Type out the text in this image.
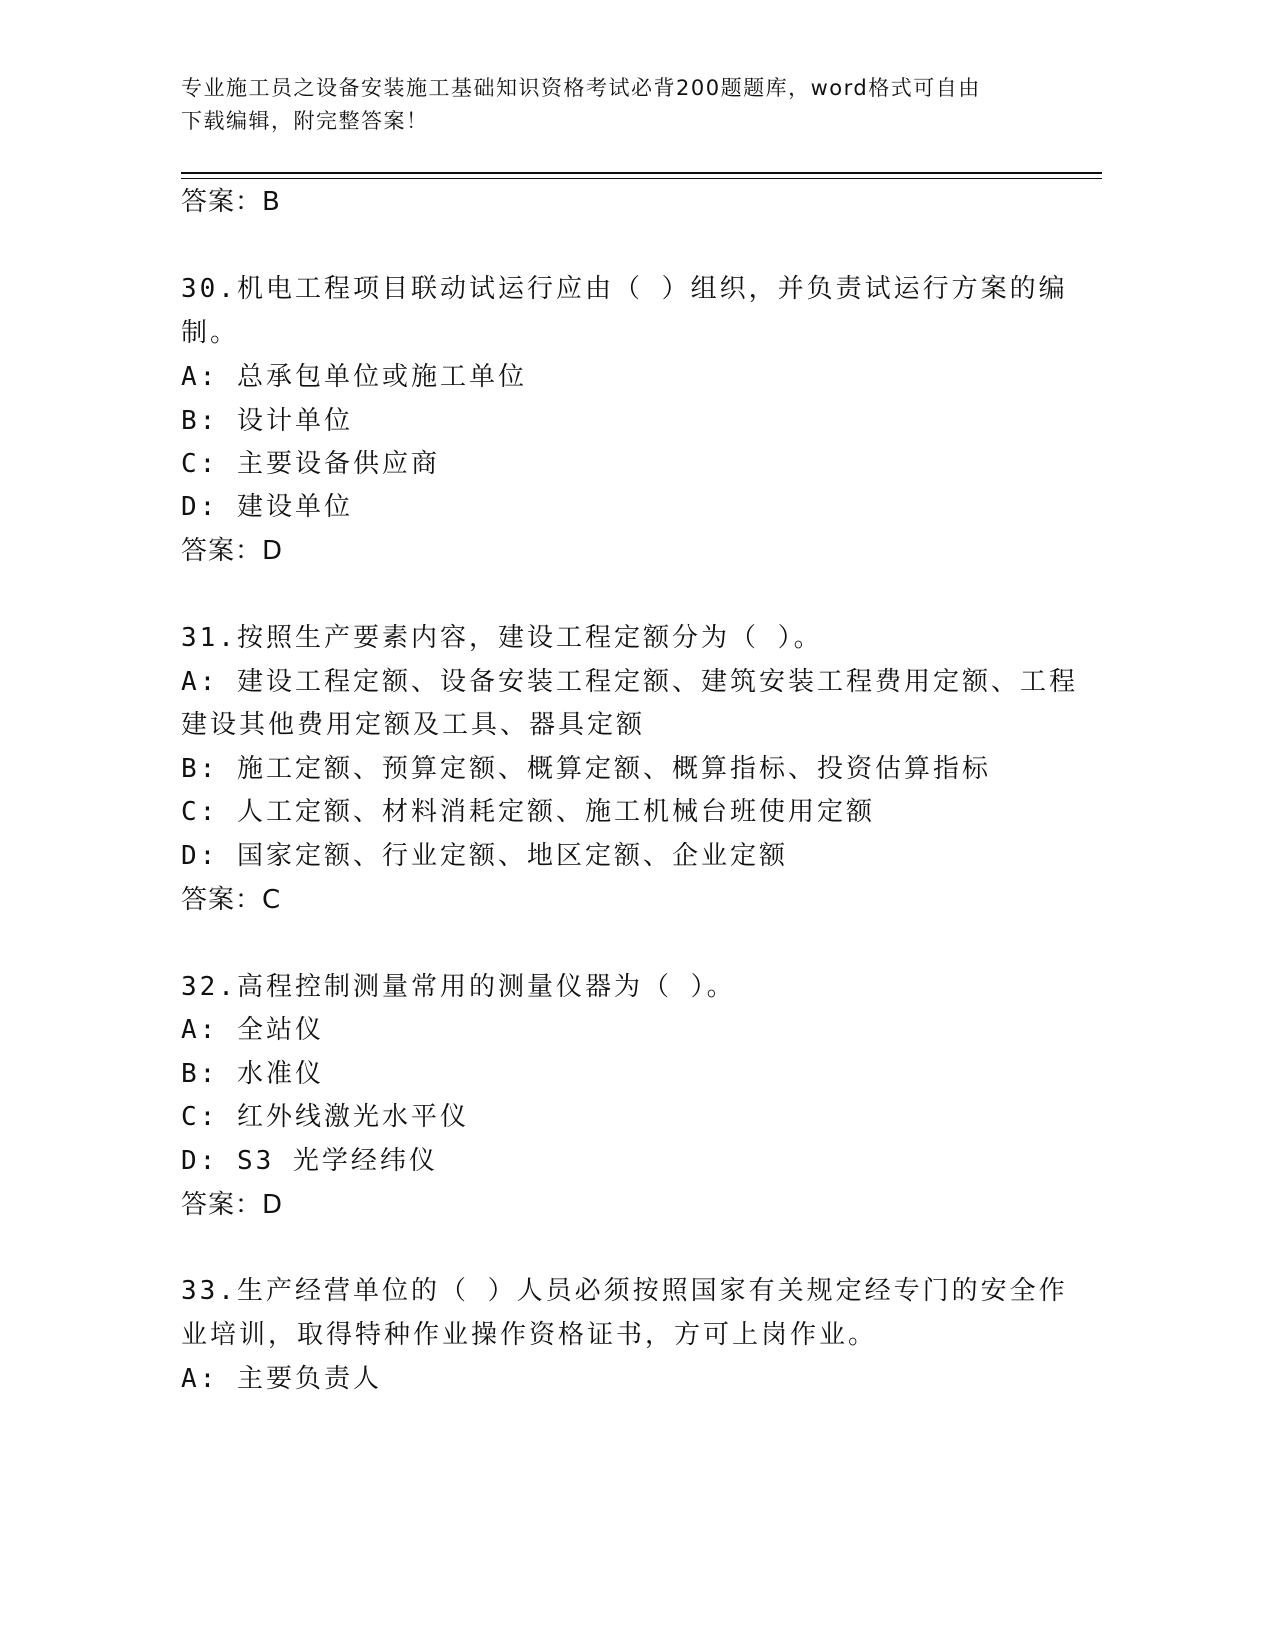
专业施工员之设备安装施工基础知识资格考试必背200题题库，word格式可自由
下载编辑，附完整答案！
答案：B
30.机电工程项目联动试运行应由（ ）组织，并负责试运行方案的编
制。
A: 总承包单位或施工单位
B: 设计单位
C: 主要设备供应商
D: 建设单位
答案：D
31.按照生产要素内容，建设工程定额分为（ ）。
A: 建设工程定额、设备安装工程定额、建筑安装工程费用定额、工程
建设其他费用定额及工具、器具定额
B: 施工定额、预算定额、概算定额、概算指标、投资估算指标
C: 人工定额、材料消耗定额、施工机械台班使用定额
D: 国家定额、行业定额、地区定额、企业定额
答案：C
32.高程控制测量常用的测量仪器为（ ）。
A: 全站仪
B: 水准仪
C: 红外线激光水平仪
D: S3 光学经纬仪
答案：D
33.生产经营单位的（ ）人员必须按照国家有关规定经专门的安全作
业培训，取得特种作业操作资格证书，方可上岗作业。
A: 主要负责人
